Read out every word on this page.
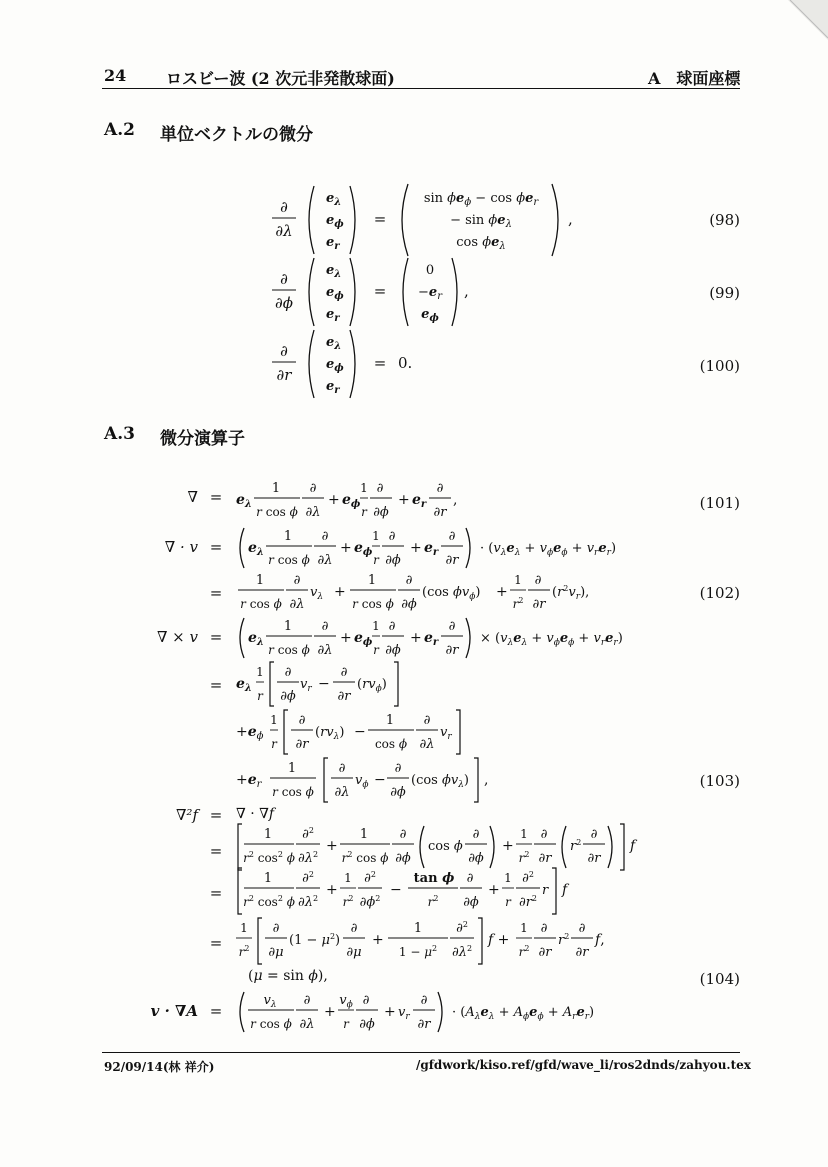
24 ロスビー波 (2 次元非発散球面)	A　球面座標
A.2 単位ベクトルの微分
∂
∂λ
$e_\lambda$
$e_\phi$
$e_r$
=
$\sin \phi e_\phi - \cos \phi e_r$
− $\sin \phi e_\lambda$
$\cos \phi e_\lambda$
,	(98)
∂
∂ϕ
$e_\lambda$
$e_\phi$
$e_r$
=
0
$-e_r$
$e_\phi$
,	(99)
∂
∂r
$e_\lambda$
$e_\phi$
$e_r$
= 0.	(100)
A.3 微分演算子
∇ =
∇ · v =
=
∇ × v =
=
∇²f =
=
=
=
v · ∇A =
$e_\lambda$
1
r cos ϕ
∂
∂λ
+ $e_\phi$
1
r
∂
∂ϕ
+ $e_r$
∂
∂r
,	(101)
$e_\lambda$
1
r cos ϕ
∂
∂λ
+ $e_\phi$
1
r
∂
∂ϕ
+ $e_r$
∂
∂r
· $(v_\lambda e_\lambda + v_\phi e_\phi + v_re_r)$
1
r cos ϕ
∂
∂λ
$v_\lambda$ +
1
r cos ϕ
∂
∂ϕ
(cos $\phi v_\phi$) +
1
$r^2$
∂
∂r
$(r^2v_r)$,	(102)
$e_\lambda$
1
r cos ϕ
∂
∂λ
+ $e_\phi$
1
r
∂
∂ϕ
+ $e_r$
∂
∂r
× $(v_\lambda e_\lambda + v_\phi e_\phi + v_re_r)$
$e_\lambda$
1
r
∂
∂ϕ
$v_r$ −
∂
∂r
$(rv_\phi)$
$+e_\phi$
1
r
∂
∂r
$(rv_\lambda)$ −
1
cos ϕ
∂
∂λ
$v_r$
$+e_r$
1
r cos ϕ
∂
∂λ
$v_\phi$ −
∂
∂ϕ
(cos $\phi v_\lambda$) ,	(103)
∇ · ∇f
1
$r^2$ $\cos^2 \phi$
∂$^2$
$\partial\lambda^2$
+
1
$r^2$ cos ϕ
∂
∂ϕ
cos ϕ
∂
∂ϕ
+
1
$r^2$
∂
∂r
$r^2$
∂
∂r
f
1
$r^2$ $\cos^2 \phi$
∂$^2$
$\partial\lambda^2$
+
1
$r^2$
∂$^2$
$\partial\phi^2$
−
tan ϕ
$r^2$
∂
∂ϕ
+
1
r
∂$^2$
$\partial r^2$
r f
1
$r^2$
∂
∂μ
$(1 - \mu^2)$
∂
∂μ
+
1
$1 - \mu^2$
∂$^2$
$\partial\lambda^2$
f +
1
$r^2$
∂
∂r
$r^2$
∂
∂r
f,
(μ = sin ϕ),	(104)
$v_\lambda$
r cos ϕ
∂
∂λ
+
$v_\phi$
r
∂
∂ϕ
+ $v_r$
∂
∂r
· $(A_\lambda e_\lambda + A_\phi e_\phi + A_re_r)$
92/09/14(林 祥介)	/gfdwork/kiso.ref/gfd/wave_li/ros2dnds/zahyou.tex
